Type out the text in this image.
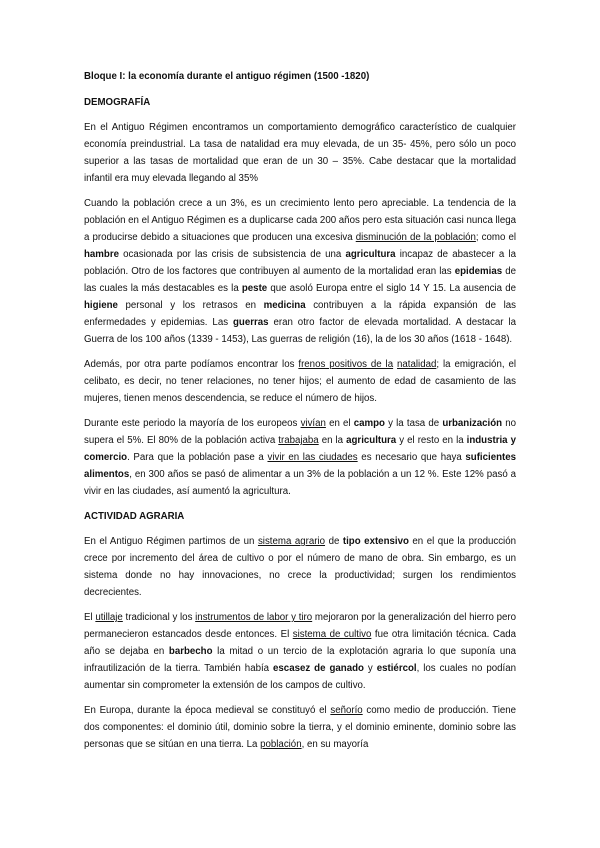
Bloque I: la economía durante el antiguo régimen (1500 -1820)

DEMOGRAFÍA

En el Antiguo Régimen encontramos un comportamiento demográfico característico de cualquier economía preindustrial. La tasa de natalidad era muy elevada, de un 35- 45%, pero sólo un poco superior a las tasas de mortalidad que eran de un 30 – 35%. Cabe destacar que la mortalidad infantil era muy elevada llegando al 35%

Cuando la población crece a un 3%, es un crecimiento lento pero apreciable. La tendencia de la población en el Antiguo Régimen es a duplicarse cada 200 años pero esta situación casi nunca llega a producirse debido a situaciones que producen una excesiva disminución de la población; como el hambre ocasionada por las crisis de subsistencia de una agricultura incapaz de abastecer a la población. Otro de los factores que contribuyen al aumento de la mortalidad eran las epidemias de las cuales la más destacables es la peste que asoló Europa entre el siglo 14 Y 15. La ausencia de higiene personal y los retrasos en medicina contribuyen a la rápida expansión de las enfermedades y epidemias. Las guerras eran otro factor de elevada mortalidad. A destacar la Guerra de los 100 años (1339 - 1453), Las guerras de religión (16), la de los 30 años (1618 - 1648).

Además, por otra parte podíamos encontrar los frenos positivos de la natalidad; la emigración, el celibato, es decir, no tener relaciones, no tener hijos; el aumento de edad de casamiento de las mujeres, tienen menos descendencia, se reduce el número de hijos.

Durante este periodo la mayoría de los europeos vivían en el campo y la tasa de urbanización no supera el 5%. El 80% de la población activa trabajaba en la agricultura y el resto en la industria y comercio. Para que la población pase a vivir en las ciudades es necesario que haya suficientes alimentos, en 300 años se pasó de alimentar a un 3% de la población a un 12 %. Este 12% pasó a vivir en las ciudades, así aumentó la agricultura.

ACTIVIDAD AGRARIA

En el Antiguo Régimen partimos de un sistema agrario de tipo extensivo en el que la producción crece por incremento del área de cultivo o por el número de mano de obra. Sin embargo, es un sistema donde no hay innovaciones, no crece la productividad; surgen los rendimientos decrecientes.

El utillaje tradicional y los instrumentos de labor y tiro mejoraron por la generalización del hierro pero permanecieron estancados desde entonces. El sistema de cultivo fue otra limitación técnica. Cada año se dejaba en barbecho la mitad o un tercio de la explotación agraria lo que suponía una infrautilización de la tierra. También había escasez de ganado y estiércol, los cuales no podían aumentar sin comprometer la extensión de los campos de cultivo.

En Europa, durante la época medieval se constituyó el señorío como medio de producción. Tiene dos componentes: el dominio útil, dominio sobre la tierra, y el dominio eminente, dominio sobre las personas que se sitúan en una tierra. La población, en su mayoría
